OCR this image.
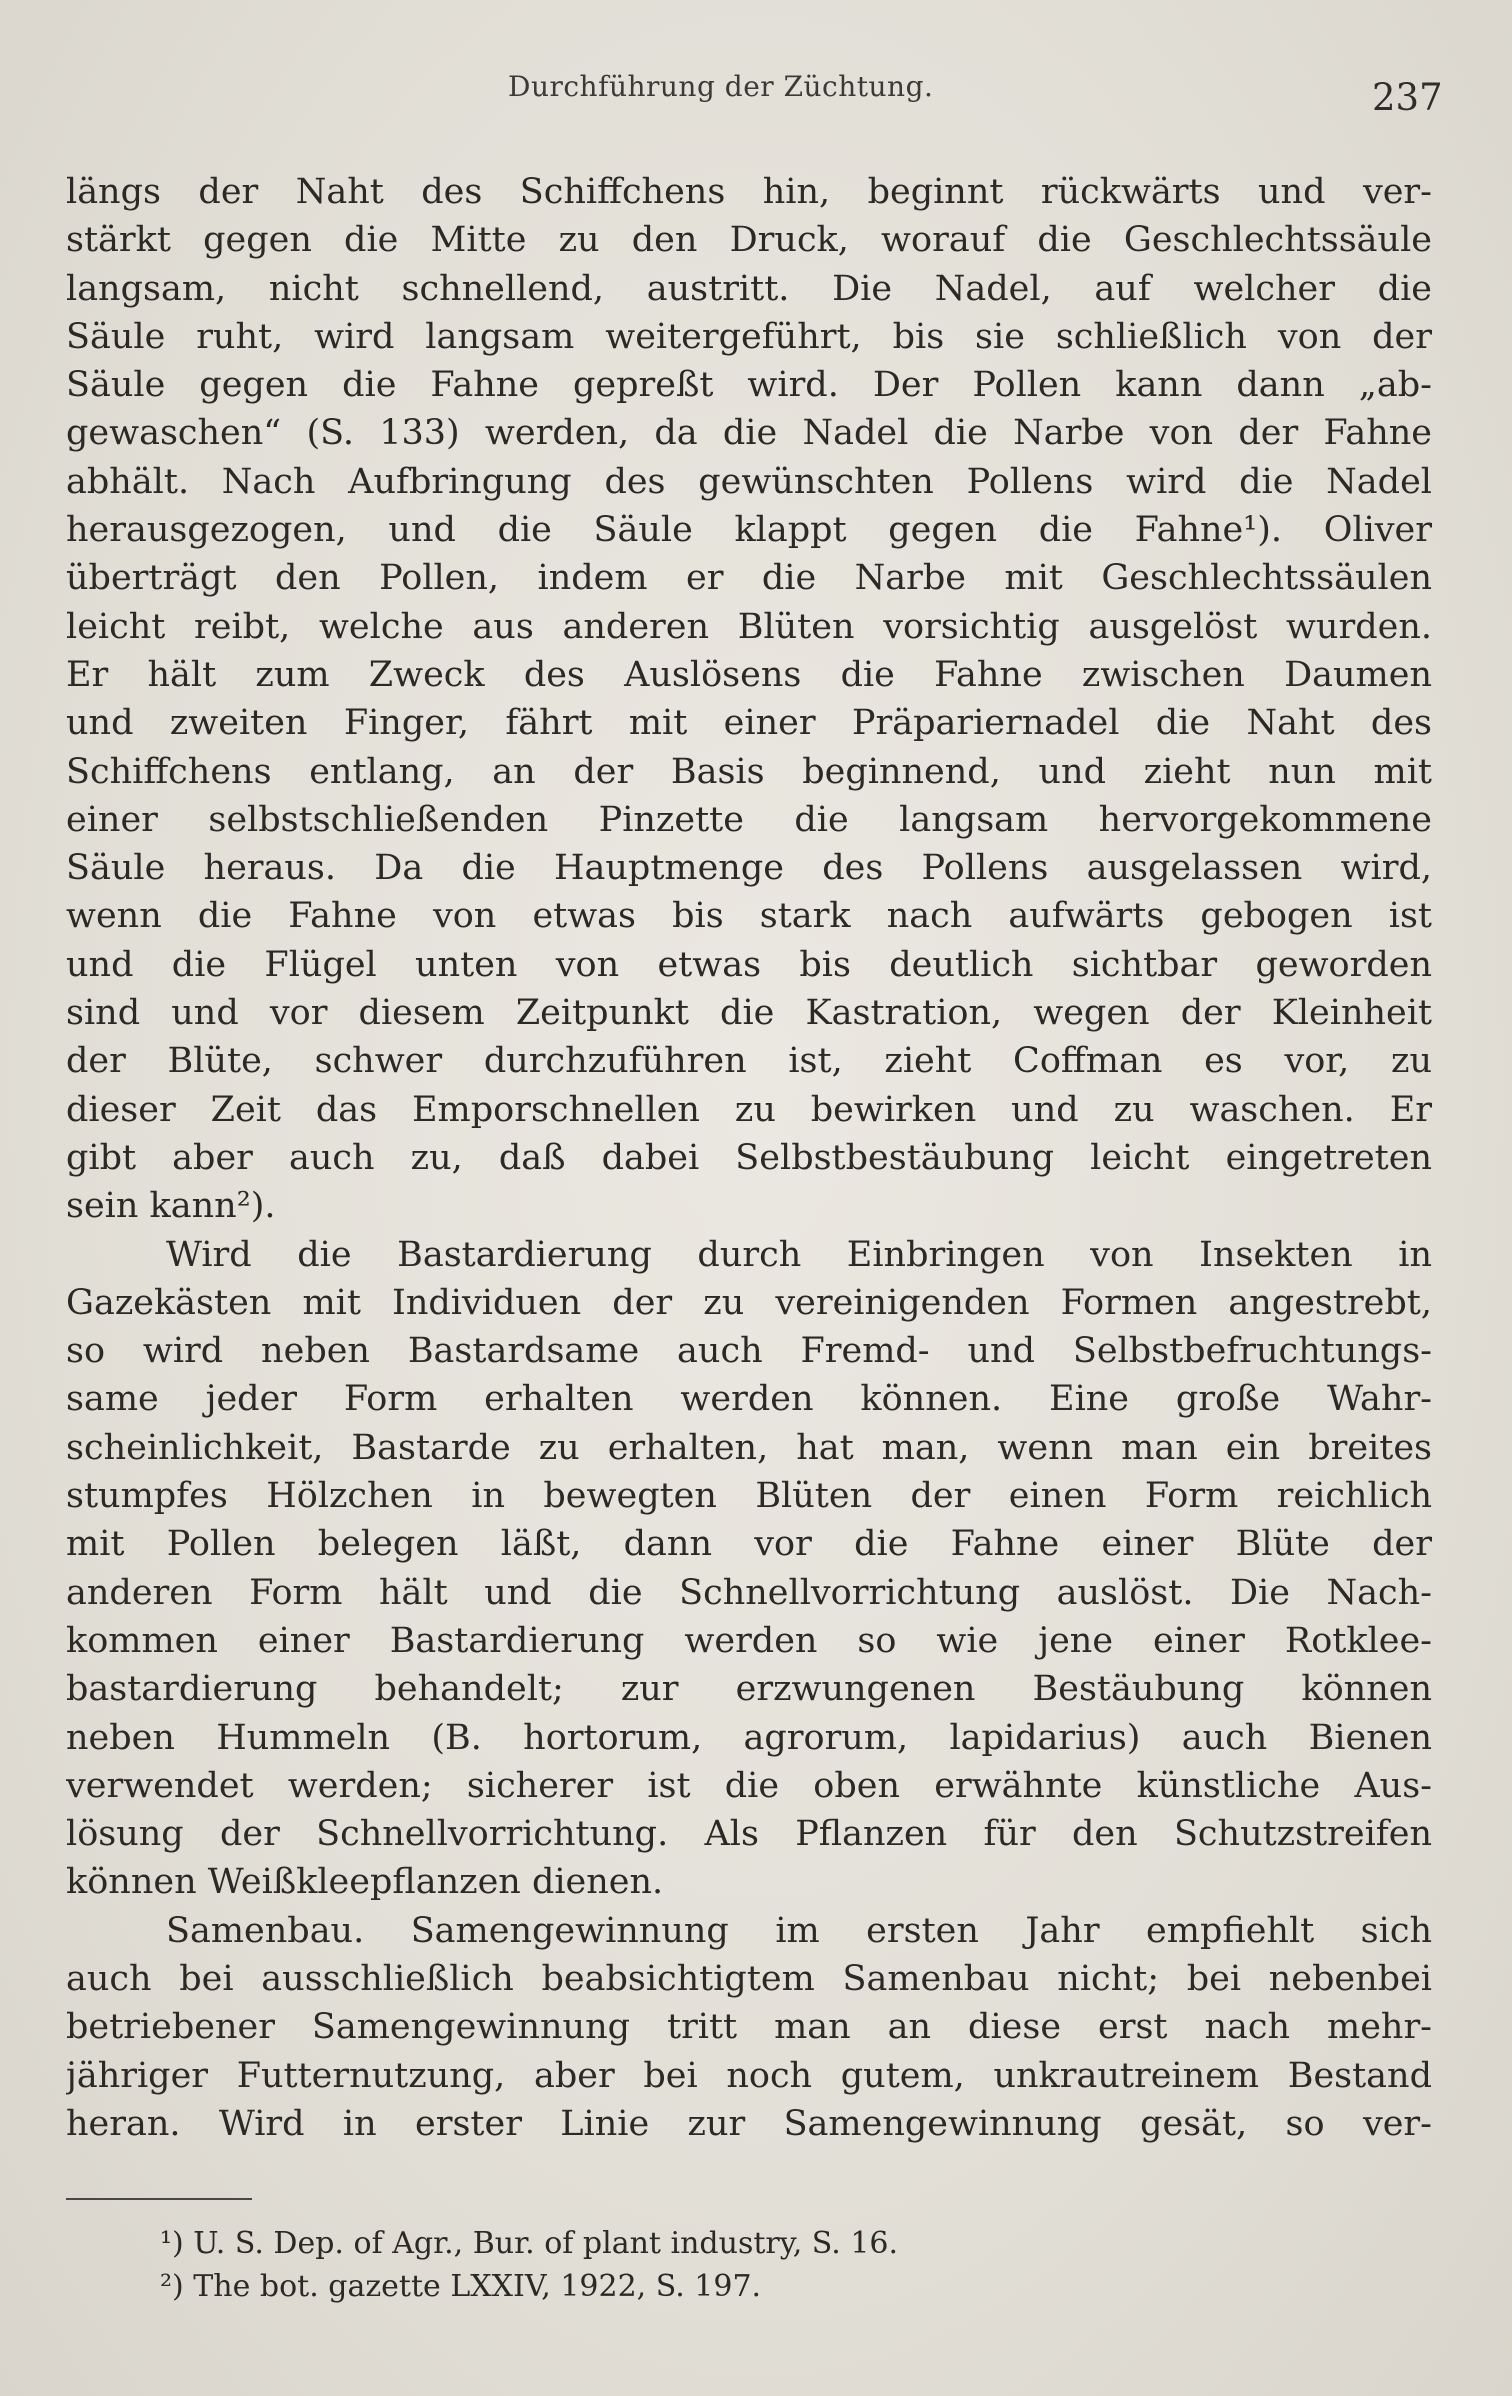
Durchführung der Züchtung.	237
längs der Naht des Schiffchens hin, beginnt rückwärts und ver-
stärkt gegen die Mitte zu den Druck, worauf die Geschlechtssäule
langsam, nicht schnellend, austritt. Die Nadel, auf welcher die
Säule ruht, wird langsam weitergeführt, bis sie schließlich von der
Säule gegen die Fahne gepreßt wird. Der Pollen kann dann „ab-
gewaschen“ (S. 133) werden, da die Nadel die Narbe von der Fahne
abhält. Nach Aufbringung des gewünschten Pollens wird die Nadel
herausgezogen, und die Säule klappt gegen die Fahne¹). Oliver
überträgt den Pollen, indem er die Narbe mit Geschlechtssäulen
leicht reibt, welche aus anderen Blüten vorsichtig ausgelöst wurden.
Er hält zum Zweck des Auslösens die Fahne zwischen Daumen
und zweiten Finger, fährt mit einer Präpariernadel die Naht des
Schiffchens entlang, an der Basis beginnend, und zieht nun mit
einer selbstschließenden Pinzette die langsam hervorgekommene
Säule heraus. Da die Hauptmenge des Pollens ausgelassen wird,
wenn die Fahne von etwas bis stark nach aufwärts gebogen ist
und die Flügel unten von etwas bis deutlich sichtbar geworden
sind und vor diesem Zeitpunkt die Kastration, wegen der Kleinheit
der Blüte, schwer durchzuführen ist, zieht Coffman es vor, zu
dieser Zeit das Emporschnellen zu bewirken und zu waschen. Er
gibt aber auch zu, daß dabei Selbstbestäubung leicht eingetreten
sein kann²).
Wird die Bastardierung durch Einbringen von Insekten in
Gazekästen mit Individuen der zu vereinigenden Formen angestrebt,
so wird neben Bastardsame auch Fremd- und Selbstbefruchtungs-
same jeder Form erhalten werden können. Eine große Wahr-
scheinlichkeit, Bastarde zu erhalten, hat man, wenn man ein breites
stumpfes Hölzchen in bewegten Blüten der einen Form reichlich
mit Pollen belegen läßt, dann vor die Fahne einer Blüte der
anderen Form hält und die Schnellvorrichtung auslöst. Die Nach-
kommen einer Bastardierung werden so wie jene einer Rotklee-
bastardierung behandelt; zur erzwungenen Bestäubung können
neben Hummeln (B. hortorum, agrorum, lapidarius) auch Bienen
verwendet werden; sicherer ist die oben erwähnte künstliche Aus-
lösung der Schnellvorrichtung. Als Pflanzen für den Schutzstreifen
können Weißkleepflanzen dienen.
Samenbau. Samengewinnung im ersten Jahr empfiehlt sich
auch bei ausschließlich beabsichtigtem Samenbau nicht; bei nebenbei
betriebener Samengewinnung tritt man an diese erst nach mehr-
jähriger Futternutzung, aber bei noch gutem, unkrautreinem Bestand
heran. Wird in erster Linie zur Samengewinnung gesät, so ver-
¹) U. S. Dep. of Agr., Bur. of plant industry, S. 16.
²) The bot. gazette LXXIV, 1922, S. 197.
